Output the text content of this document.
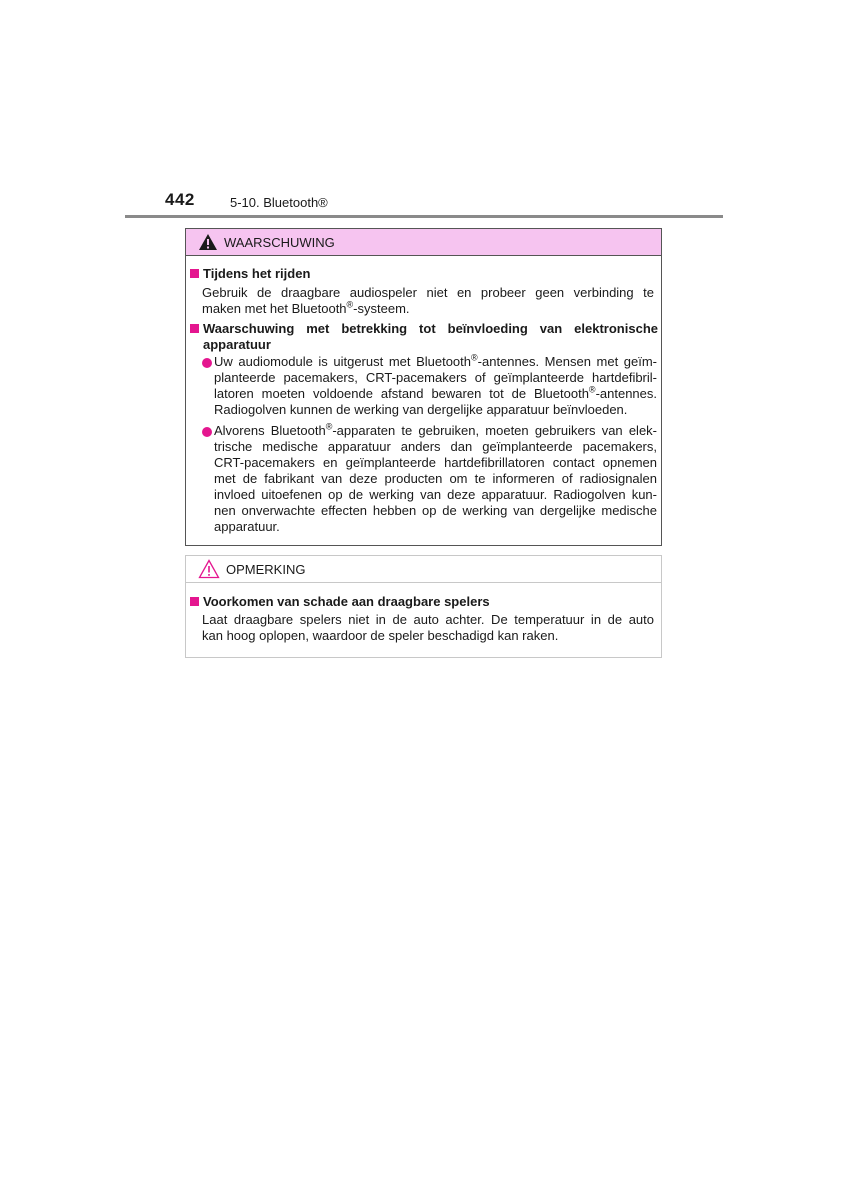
442	5-10. Bluetooth®
WAARSCHUWING
Tijdens het rijden
Gebruik de draagbare audiospeler niet en probeer geen verbinding te
maken met het Bluetooth®-systeem.
Waarschuwing met betrekking tot beïnvloeding van elektronische
apparatuur
Uw audiomodule is uitgerust met Bluetooth®-antennes. Mensen met geïm-
planteerde pacemakers, CRT-pacemakers of geïmplanteerde hartdefibril-
latoren moeten voldoende afstand bewaren tot de Bluetooth®-antennes.
Radiogolven kunnen de werking van dergelijke apparatuur beïnvloeden.
Alvorens Bluetooth®-apparaten te gebruiken, moeten gebruikers van elek-
trische medische apparatuur anders dan geïmplanteerde pacemakers,
CRT-pacemakers en geïmplanteerde hartdefibrillatoren contact opnemen
met de fabrikant van deze producten om te informeren of radiosignalen
invloed uitoefenen op de werking van deze apparatuur. Radiogolven kun-
nen onverwachte effecten hebben op de werking van dergelijke medische
apparatuur.
OPMERKING
Voorkomen van schade aan draagbare spelers
Laat draagbare spelers niet in de auto achter. De temperatuur in de auto
kan hoog oplopen, waardoor de speler beschadigd kan raken.
